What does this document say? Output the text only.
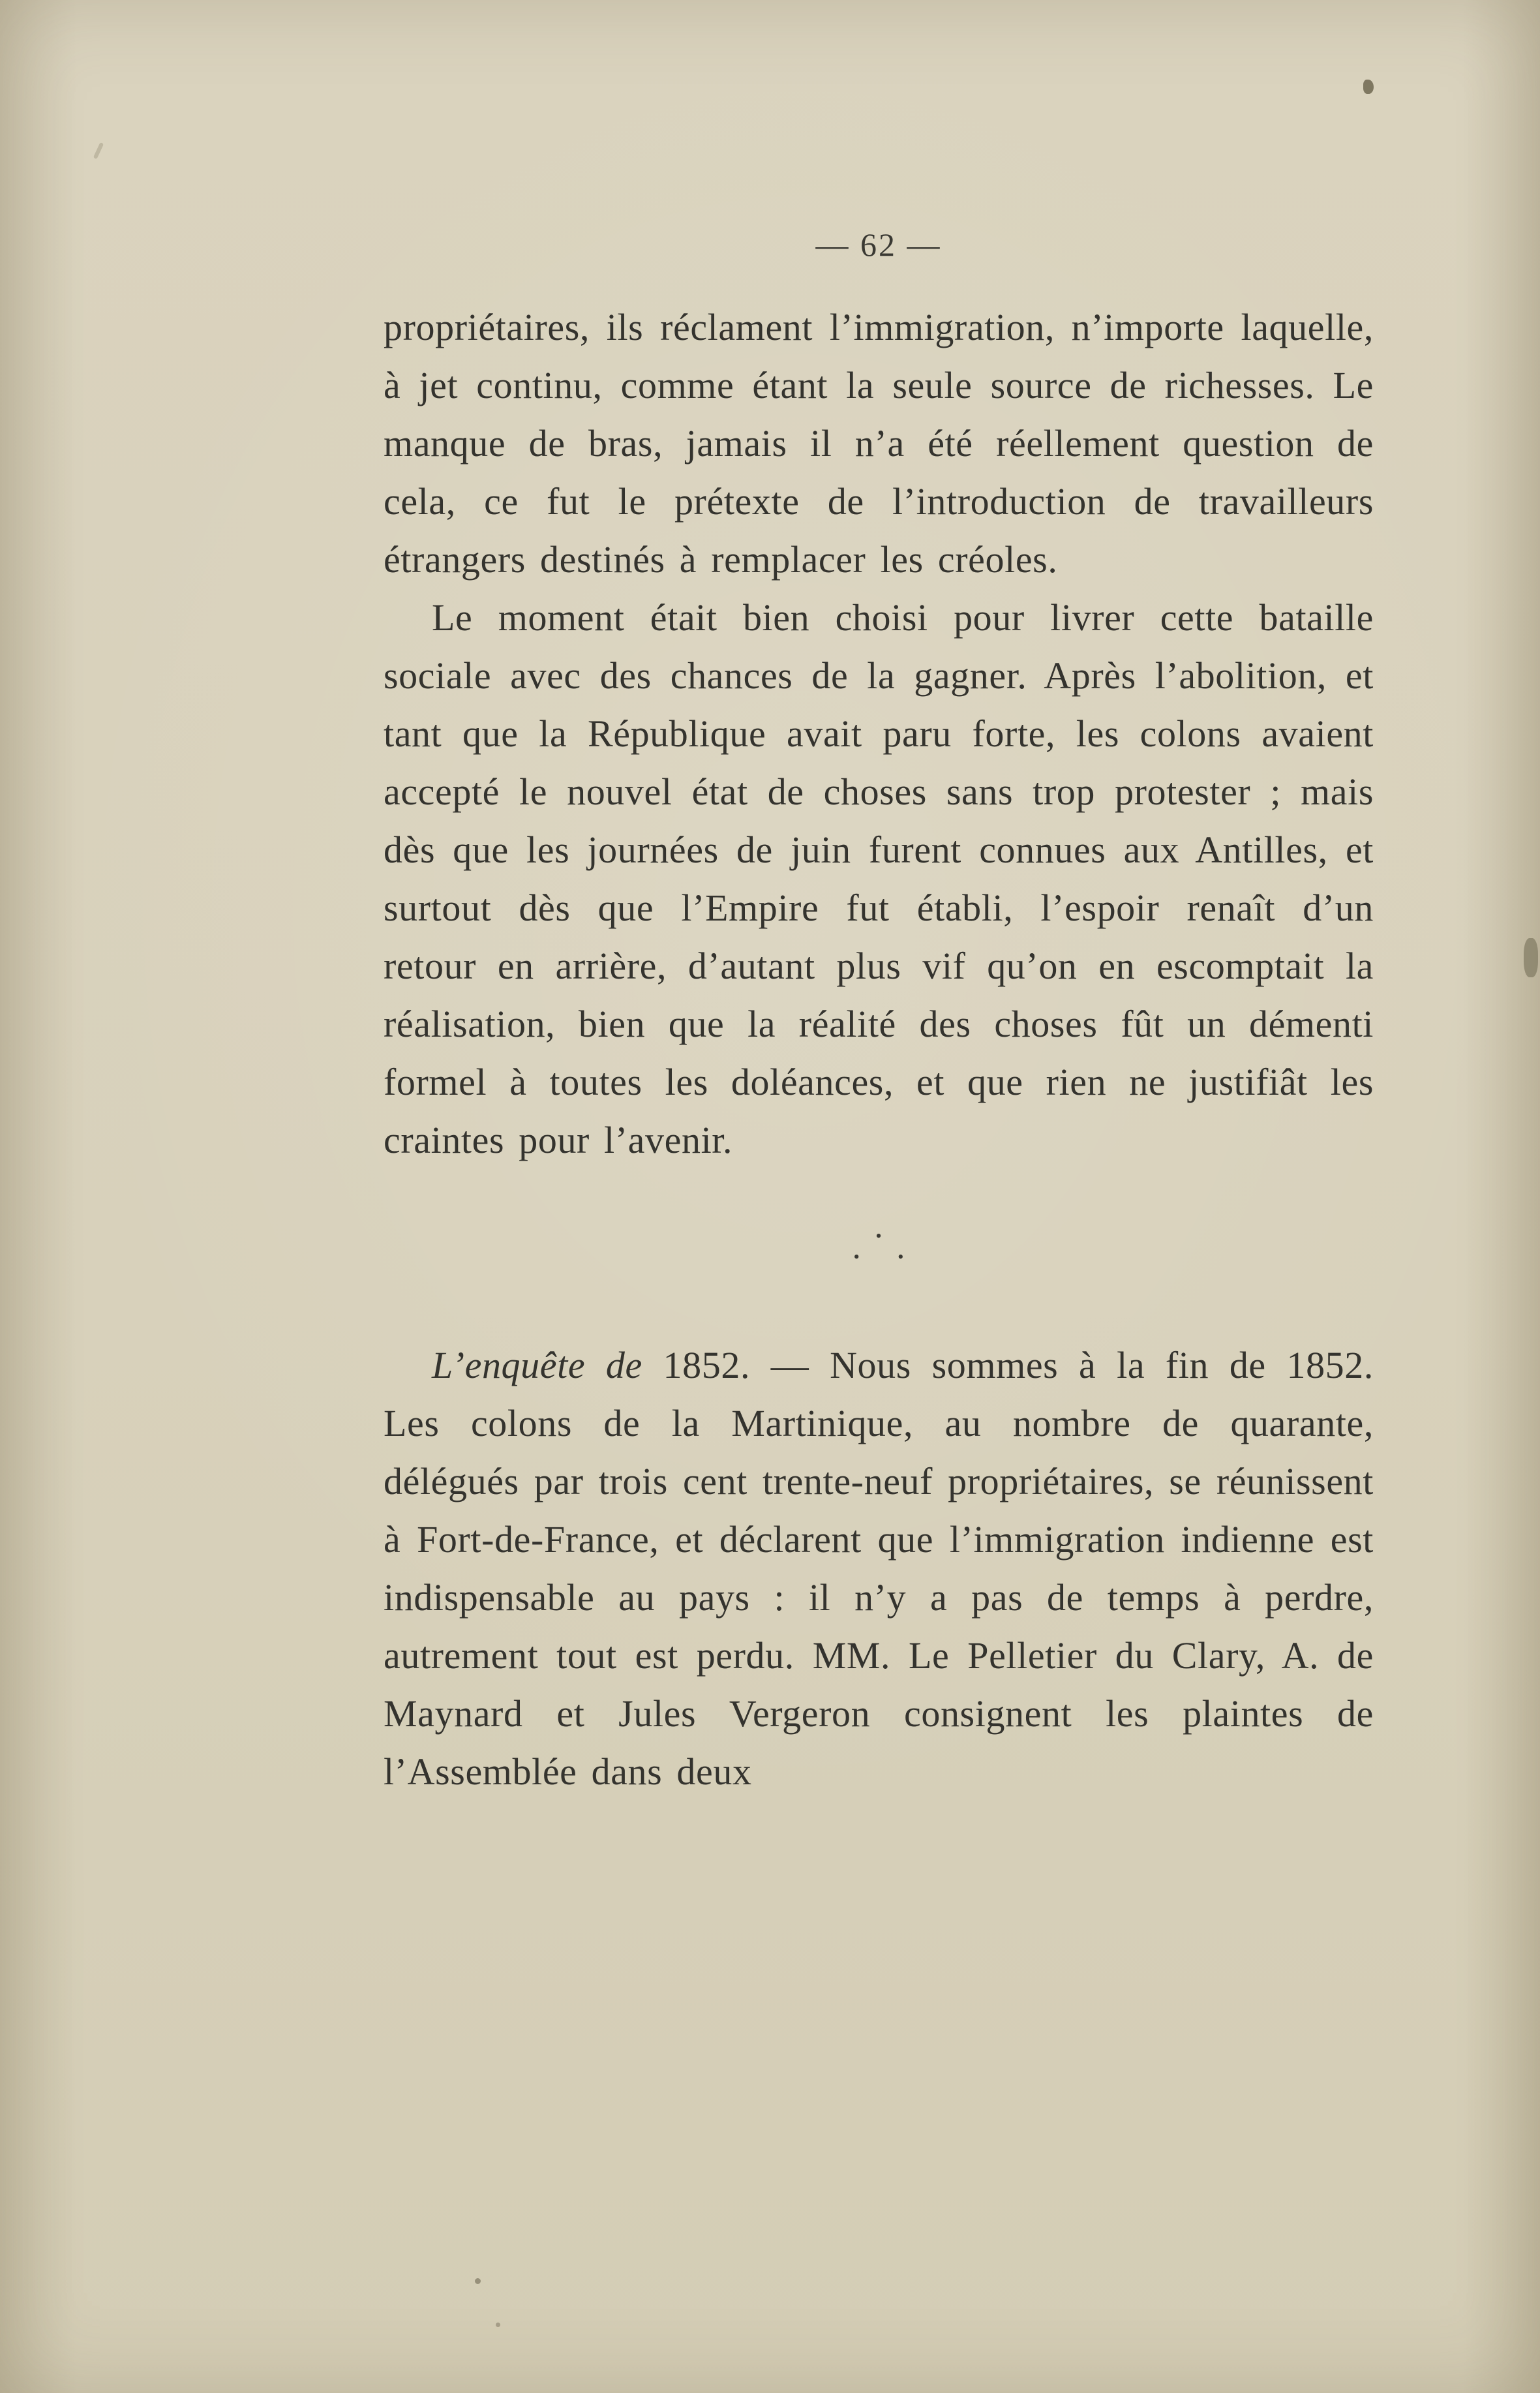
— 62 —

propriétaires, ils réclament l’immigration, n’importe laquelle, à jet continu, comme étant la seule source de richesses. Le manque de bras, jamais il n’a été réellement question de cela, ce fut le prétexte de l’introduction de travailleurs étrangers destinés à remplacer les créoles.

Le moment était bien choisi pour livrer cette bataille sociale avec des chances de la gagner. Après l’abolition, et tant que la République avait paru forte, les colons avaient accepté le nouvel état de choses sans trop protester ; mais dès que les journées de juin furent connues aux Antilles, et surtout dès que l’Empire fut établi, l’espoir renaît d’un retour en arrière, d’autant plus vif qu’on en escomptait la réalisation, bien que la réalité des choses fût un démenti formel à toutes les doléances, et que rien ne justifiât les craintes pour l’avenir.

•
• •

L’enquête de 1852. — Nous sommes à la fin de 1852. Les colons de la Martinique, au nombre de quarante, délégués par trois cent trente-neuf propriétaires, se réunissent à Fort-de-France, et déclarent que l’immigration indienne est indispensable au pays : il n’y a pas de temps à perdre, autrement tout est perdu. MM. Le Pelletier du Clary, A. de Maynard et Jules Vergeron consignent les plaintes de l’Assemblée dans deux
